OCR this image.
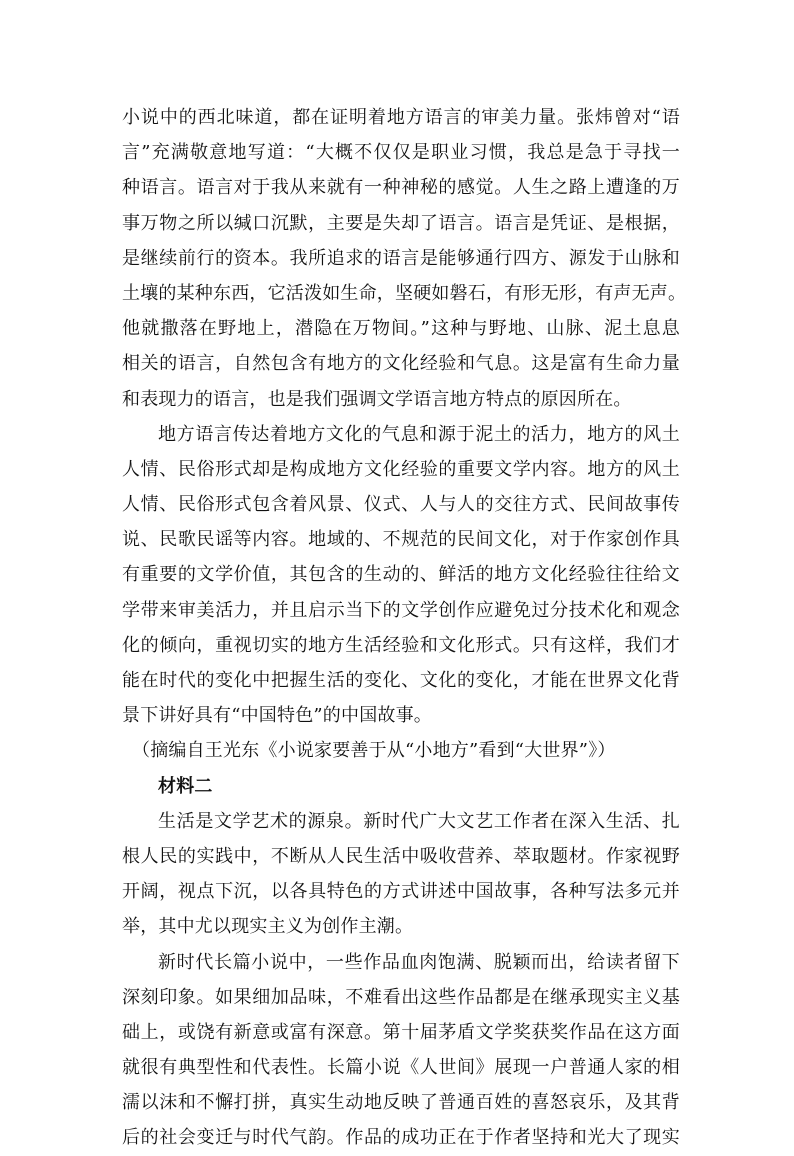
小说中的西北味道，都在证明着地方语言的审美力量。张炜曾对“语
言”充满敬意地写道：“大概不仅仅是职业习惯，我总是急于寻找一
种语言。语言对于我从来就有一种神秘的感觉。人生之路上遭逢的万
事万物之所以缄口沉默，主要是失却了语言。语言是凭证、是根据，
是继续前行的资本。我所追求的语言是能够通行四方、源发于山脉和
土壤的某种东西，它活泼如生命，坚硬如磐石，有形无形，有声无声。
他就撒落在野地上，潜隐在万物间。”这种与野地、山脉、泥土息息
相关的语言，自然包含有地方的文化经验和气息。这是富有生命力量
和表现力的语言，也是我们强调文学语言地方特点的原因所在。
地方语言传达着地方文化的气息和源于泥土的活力，地方的风土
人情、民俗形式却是构成地方文化经验的重要文学内容。地方的风土
人情、民俗形式包含着风景、仪式、人与人的交往方式、民间故事传
说、民歌民谣等内容。地域的、不规范的民间文化，对于作家创作具
有重要的文学价值，其包含的生动的、鲜活的地方文化经验往往给文
学带来审美活力，并且启示当下的文学创作应避免过分技术化和观念
化的倾向，重视切实的地方生活经验和文化形式。只有这样，我们才
能在时代的变化中把握生活的变化、文化的变化，才能在世界文化背
景下讲好具有“中国特色”的中国故事。
（摘编自王光东《小说家要善于从“小地方”看到“大世界”》）
材料二
生活是文学艺术的源泉。新时代广大文艺工作者在深入生活、扎
根人民的实践中，不断从人民生活中吸收营养、萃取题材。作家视野
开阔，视点下沉，以各具特色的方式讲述中国故事，各种写法多元并
举，其中尤以现实主义为创作主潮。
新时代长篇小说中，一些作品血肉饱满、脱颖而出，给读者留下
深刻印象。如果细加品味，不难看出这些作品都是在继承现实主义基
础上，或饶有新意或富有深意。第十届茅盾文学奖获奖作品在这方面
就很有典型性和代表性。长篇小说《人世间》展现一户普通人家的相
濡以沫和不懈打拼，真实生动地反映了普通百姓的喜怒哀乐，及其背
后的社会变迁与时代气韵。作品的成功正在于作者坚持和光大了现实
